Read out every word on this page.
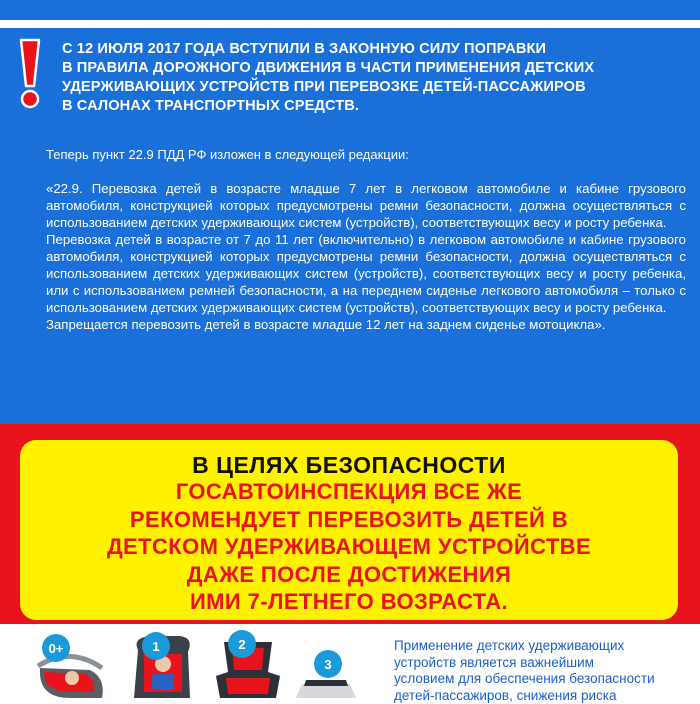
С 12 ИЮЛЯ 2017 ГОДА ВСТУПИЛИ В ЗАКОННУЮ СИЛУ ПОПРАВКИ
В ПРАВИЛА ДОРОЖНОГО ДВИЖЕНИЯ В ЧАСТИ ПРИМЕНЕНИЯ ДЕТСКИХ
УДЕРЖИВАЮЩИХ УСТРОЙСТВ ПРИ ПЕРЕВОЗКЕ ДЕТЕЙ-ПАССАЖИРОВ
В САЛОНАХ ТРАНСПОРТНЫХ СРЕДСТВ.
Теперь пункт 22.9 ПДД РФ изложен в следующей редакции:

«22.9. Перевозка детей в возрасте младше 7 лет в легковом автомобиле и кабине грузового автомобиля, конструкцией которых предусмотрены ремни безопасности, должна осуществляться с использованием детских удерживающих систем (устройств), соответствующих весу и росту ребенка.

Перевозка детей в возрасте от 7 до 11 лет (включительно) в легковом автомобиле и кабине грузового автомобиля, конструкцией которых предусмотрены ремни безопасности, должна осуществляться с использованием детских удерживающих систем (устройств), соответствующих весу и росту ребенка, или с использованием ремней безопасности, а на переднем сиденье легкового автомобиля – только с использованием детских удерживающих систем (устройств), соответствующих весу и росту ребенка.

Запрещается перевозить детей в возрасте младше 12 лет на заднем сиденье мотоцикла».

В ЦЕЛЯХ БЕЗОПАСНОСТИ
ГОСАВТОИНСПЕКЦИЯ ВСЕ ЖЕ
РЕКОМЕНДУЕТ ПЕРЕВОЗИТЬ ДЕТЕЙ В
ДЕТСКОМ УДЕРЖИВАЮЩЕМ УСТРОЙСТВЕ
ДАЖЕ ПОСЛЕ ДОСТИЖЕНИЯ
ИМИ 7-ЛЕТНЕГО ВОЗРАСТА.
0+	1	2
3
Применение детских удерживающих
устройств является важнейшим
условием для обеспечения безопасности
детей-пассажиров, снижения риска
